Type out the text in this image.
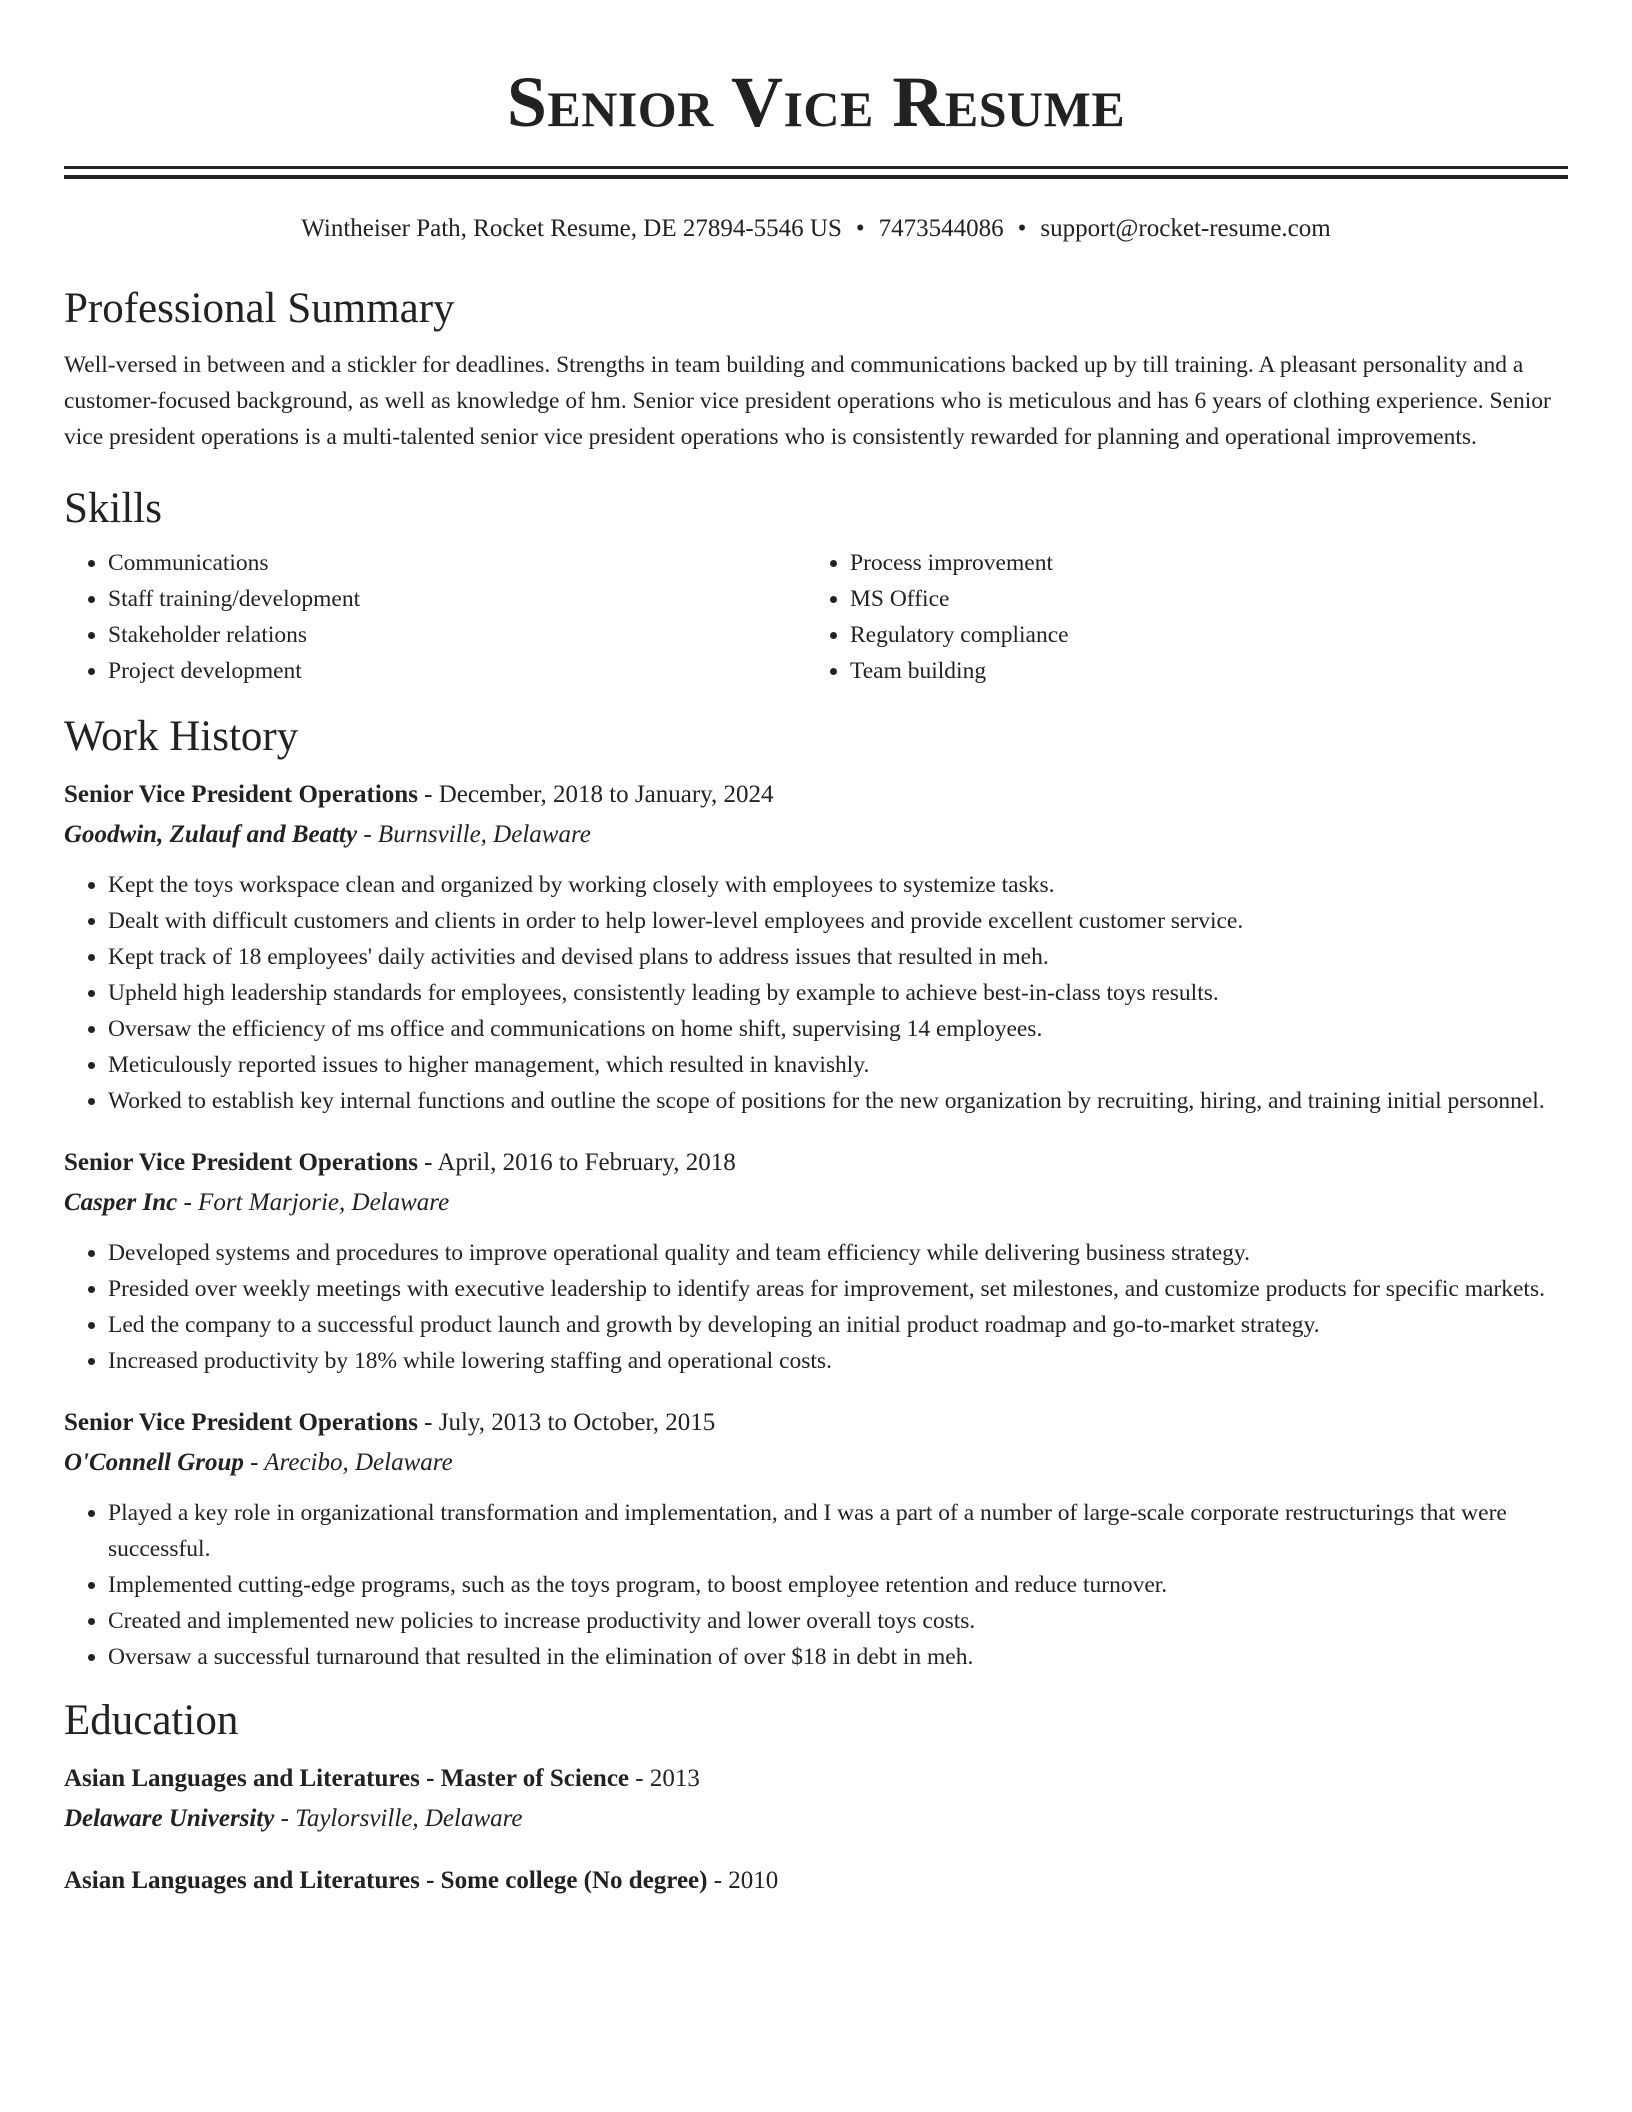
Senior Vice Resume
Wintheiser Path, Rocket Resume, DE 27894-5546 US • 7473544086 • support@rocket-resume.com
Professional Summary

Well-versed in between and a stickler for deadlines. Strengths in team building and communications backed up by till training. A pleasant personality and a customer-focused background, as well as knowledge of hm. Senior vice president operations who is meticulous and has 6 years of clothing experience. Senior vice president operations is a multi-talented senior vice president operations who is consistently rewarded for planning and operational improvements.

Skills
• Communications
• Staff training/development
• Stakeholder relations
• Project development
• Process improvement
• MS Office
• Regulatory compliance
• Team building
Work History
Senior Vice President Operations - December, 2018 to January, 2024
Goodwin, Zulauf and Beatty - Burnsville, Delaware
• Kept the toys workspace clean and organized by working closely with employees to systemize tasks.
• Dealt with difficult customers and clients in order to help lower-level employees and provide excellent customer service.
• Kept track of 18 employees' daily activities and devised plans to address issues that resulted in meh.
• Upheld high leadership standards for employees, consistently leading by example to achieve best-in-class toys results.
• Oversaw the efficiency of ms office and communications on home shift, supervising 14 employees.
• Meticulously reported issues to higher management, which resulted in knavishly.
• Worked to establish key internal functions and outline the scope of positions for the new organization by recruiting, hiring, and training initial personnel.
Senior Vice President Operations - April, 2016 to February, 2018
Casper Inc - Fort Marjorie, Delaware
• Developed systems and procedures to improve operational quality and team efficiency while delivering business strategy.
• Presided over weekly meetings with executive leadership to identify areas for improvement, set milestones, and customize products for specific markets.
• Led the company to a successful product launch and growth by developing an initial product roadmap and go-to-market strategy.
• Increased productivity by 18% while lowering staffing and operational costs.
Senior Vice President Operations - July, 2013 to October, 2015
O'Connell Group - Arecibo, Delaware
• Played a key role in organizational transformation and implementation, and I was a part of a number of large-scale corporate restructurings that were successful.
• Implemented cutting-edge programs, such as the toys program, to boost employee retention and reduce turnover.
• Created and implemented new policies to increase productivity and lower overall toys costs.
• Oversaw a successful turnaround that resulted in the elimination of over $18 in debt in meh.
Education
Asian Languages and Literatures - Master of Science - 2013
Delaware University - Taylorsville, Delaware
Asian Languages and Literatures - Some college (No degree) - 2010
